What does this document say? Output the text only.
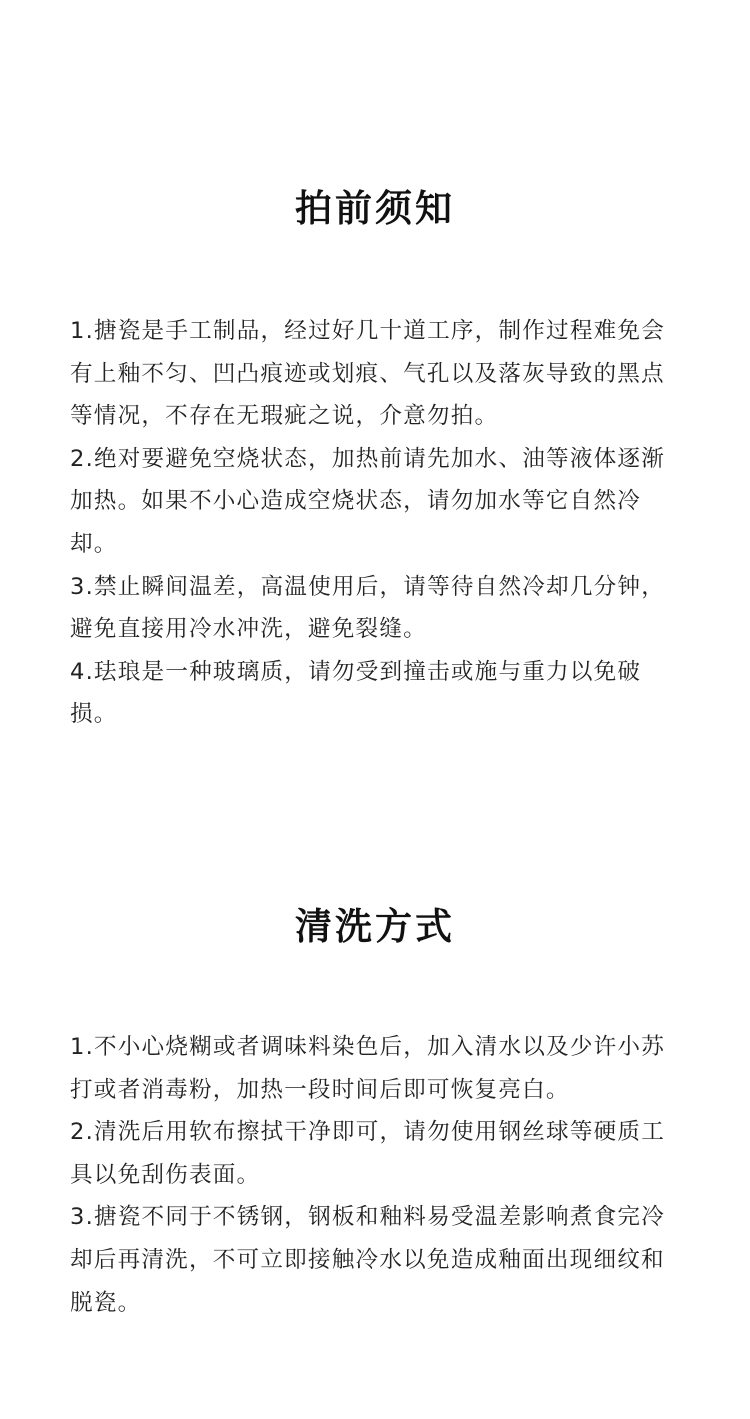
拍前须知
1.搪瓷是手工制品，经过好几十道工序，制作过程难免会有上釉不匀、凹凸痕迹或划痕、气孔以及落灰导致的黑点等情况，不存在无瑕疵之说，介意勿拍。
2.绝对要避免空烧状态，加热前请先加水、油等液体逐渐加热。如果不小心造成空烧状态，请勿加水等它自然冷却。
3.禁止瞬间温差，高温使用后，请等待自然冷却几分钟，避免直接用冷水冲洗，避免裂缝。
4.珐琅是一种玻璃质，请勿受到撞击或施与重力以免破损。
清洗方式
1.不小心烧糊或者调味料染色后，加入清水以及少许小苏打或者消毒粉，加热一段时间后即可恢复亮白。
2.清洗后用软布擦拭干净即可，请勿使用钢丝球等硬质工具以免刮伤表面。
3.搪瓷不同于不锈钢，钢板和釉料易受温差影响煮食完冷却后再清洗，不可立即接触冷水以免造成釉面出现细纹和脱瓷。
